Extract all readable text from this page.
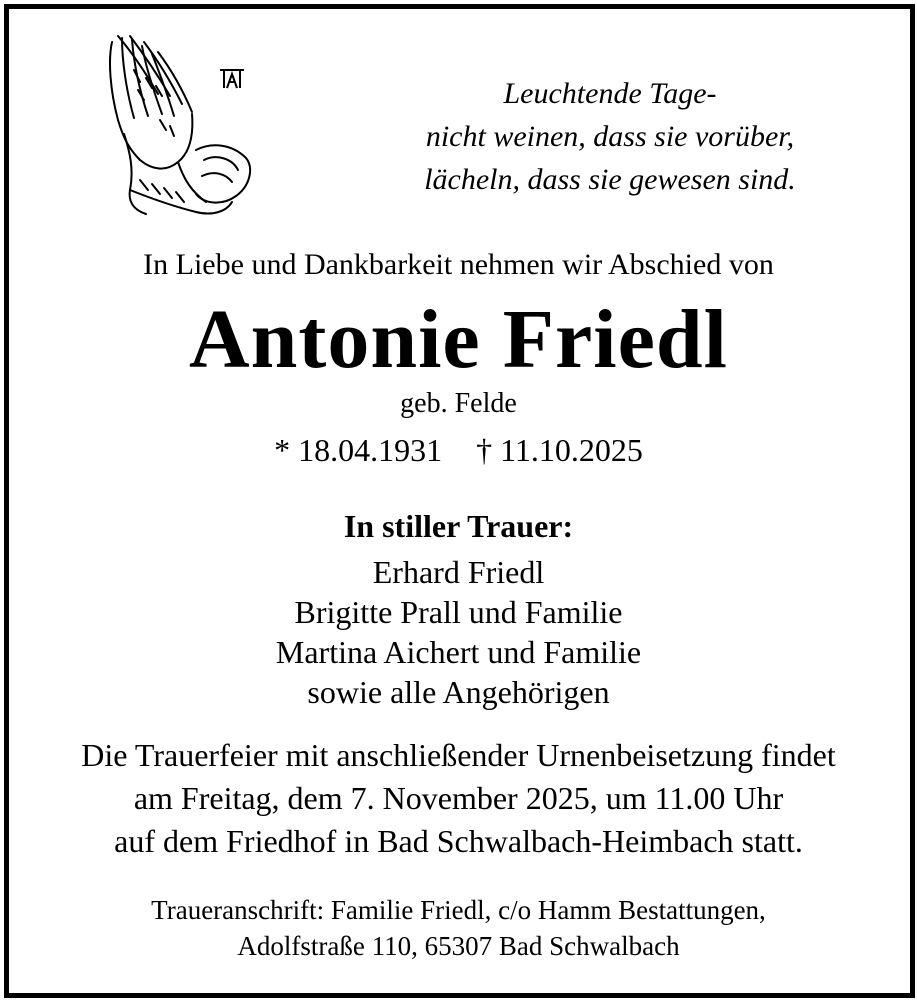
Leuchtende Tage-
nicht weinen, dass sie vorüber,
lächeln, dass sie gewesen sind.
In Liebe und Dankbarkeit nehmen wir Abschied von
Antonie Friedl
geb. Felde
* 18.04.1931 † 11.10.2025
In stiller Trauer:
Erhard Friedl
Brigitte Prall und Familie
Martina Aichert und Familie
sowie alle Angehörigen
Die Trauerfeier mit anschließender Urnenbeisetzung findet
am Freitag, dem 7. November 2025, um 11.00 Uhr
auf dem Friedhof in Bad Schwalbach-Heimbach statt.
Traueranschrift: Familie Friedl, c/o Hamm Bestattungen,
Adolfstraße 110, 65307 Bad Schwalbach
